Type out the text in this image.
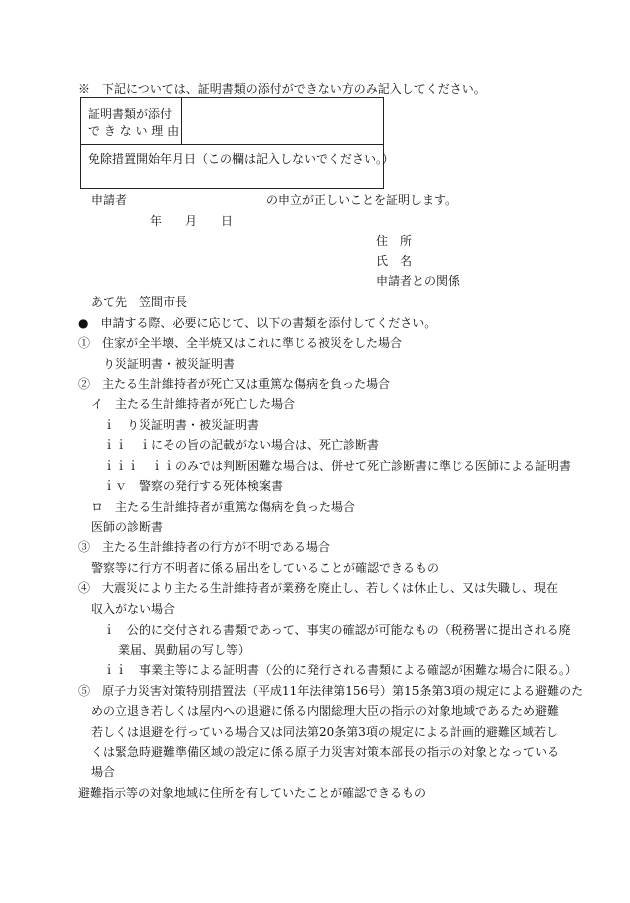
※　下記については、証明書類の添付ができない方のみ記入してください。
証明書類が添付
で き な い 理 由
免除措置開始年月日（この欄は記入しないでください。）
申請者	の申立が正しいことを証明します。
年 月 日
住　所
氏　名
申請者との関係
あて先　笠間市長
●　申請する際、必要に応じて、以下の書類を添付してください。
①　住家が全半壊、全半焼又はこれに準じる被災をした場合
り災証明書・被災証明書
②　主たる生計維持者が死亡又は重篤な傷病を負った場合
イ　主たる生計維持者が死亡した場合
ｉ　り災証明書・被災証明書
ｉｉ　ｉにその旨の記載がない場合は、死亡診断書
ｉｉｉ　ｉｉのみでは判断困難な場合は、併せて死亡診断書に準じる医師による証明書
ｉｖ　警察の発行する死体検案書
ロ　主たる生計維持者が重篤な傷病を負った場合
医師の診断書
③　主たる生計維持者の行方が不明である場合
警察等に行方不明者に係る届出をしていることが確認できるもの
④　大震災により主たる生計維持者が業務を廃止し、若しくは休止し、又は失職し、現在
収入がない場合
ｉ　公的に交付される書類であって、事実の確認が可能なもの（税務署に提出される廃
業届、異動届の写し等）
ｉｉ　事業主等による証明書（公的に発行される書類による確認が困難な場合に限る。）
⑤　原子力災害対策特別措置法（平成11年法律第156号）第15条第3項の規定による避難のた
めの立退き若しくは屋内への退避に係る内閣総理大臣の指示の対象地域であるため避難
若しくは退避を行っている場合又は同法第20条第3項の規定による計画的避難区域若し
くは緊急時避難準備区域の設定に係る原子力災害対策本部長の指示の対象となっている
場合
避難指示等の対象地域に住所を有していたことが確認できるもの
